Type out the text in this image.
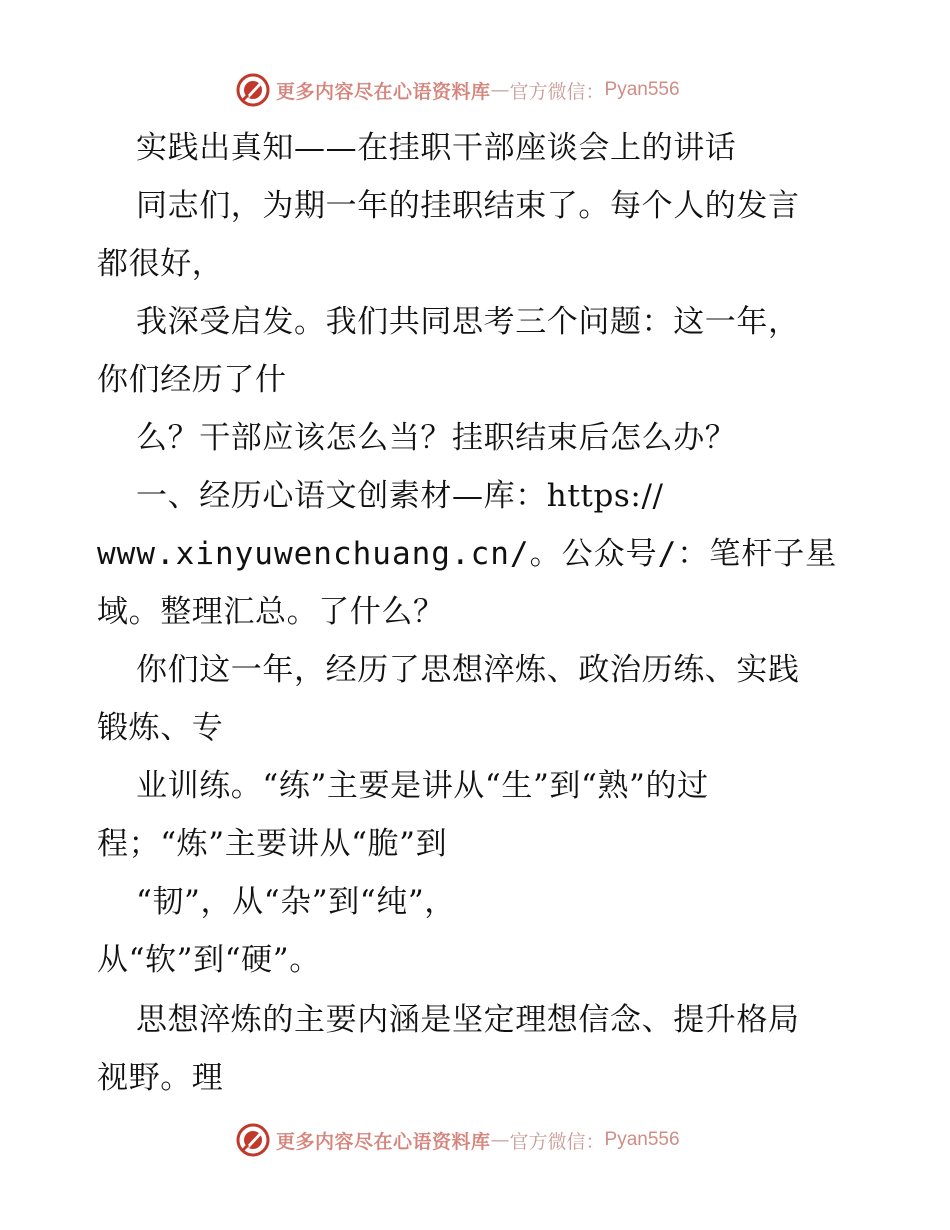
更多内容尽在心语资料库 — 官方微信： Pyan556
实践出真知——在挂职干部座谈会上的讲话
同志们，为期一年的挂职结束了。每个人的发言
都很好，
我深受启发。我们共同思考三个问题：这一年，
你们经历了什
么？干部应该怎么当？挂职结束后怎么办？
一、经历心语文创素材—库：https://
www.xinyuwenchuang.cn/。公众号/：笔杆子星
域。整理汇总。了什么？
你们这一年，经历了思想淬炼、政治历练、实践
锻炼、专
业训练。“练”主要是讲从“生”到“熟”的过
程；“炼”主要讲从“脆”到
“韧”，从“杂”到“纯”，
从“软”到“硬”。
思想淬炼的主要内涵是坚定理想信念、提升格局
视野。理
更多内容尽在心语资料库 — 官方微信： Pyan556
